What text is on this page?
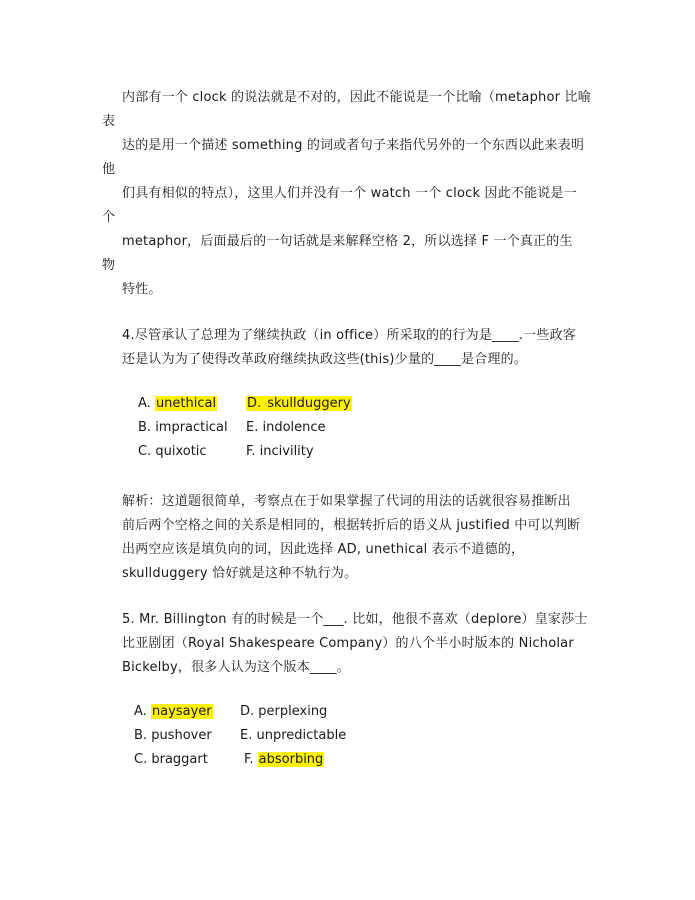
内部有一个 clock 的说法就是不对的，因此不能说是一个比喻（metaphor 比喻
表
达的是用一个描述 something 的词或者句子来指代另外的一个东西以此来表明
他
们具有相似的特点），这里人们并没有一个 watch 一个 clock 因此不能说是一
个
metaphor，后面最后的一句话就是来解释空格 2，所以选择 F 一个真正的生
物
特性。
4.尽管承认了总理为了继续执政（in office）所采取的的行为是____.一些政客
还是认为为了使得改革政府继续执政这些(this)少量的____是合理的。
A. unethical D. skullduggery
B. impractical E. indolence
C. quixotic	F. incivility
解析：这道题很简单，考察点在于如果掌握了代词的用法的话就很容易推断出
前后两个空格之间的关系是相同的，根据转折后的语义从 justified 中可以判断
出两空应该是填负向的词，因此选择 AD, unethical 表示不道德的，
skullduggery 恰好就是这种不轨行为。
5. Mr. Billington 有的时候是一个___. 比如，他很不喜欢（deplore）皇家莎士
比亚剧团（Royal Shakespeare Company）的八个半小时版本的 Nicholar
Bickelby，很多人认为这个版本____。
A. naysayer D. perplexing
B. pushover E. unpredictable
C. braggart	F. absorbing
